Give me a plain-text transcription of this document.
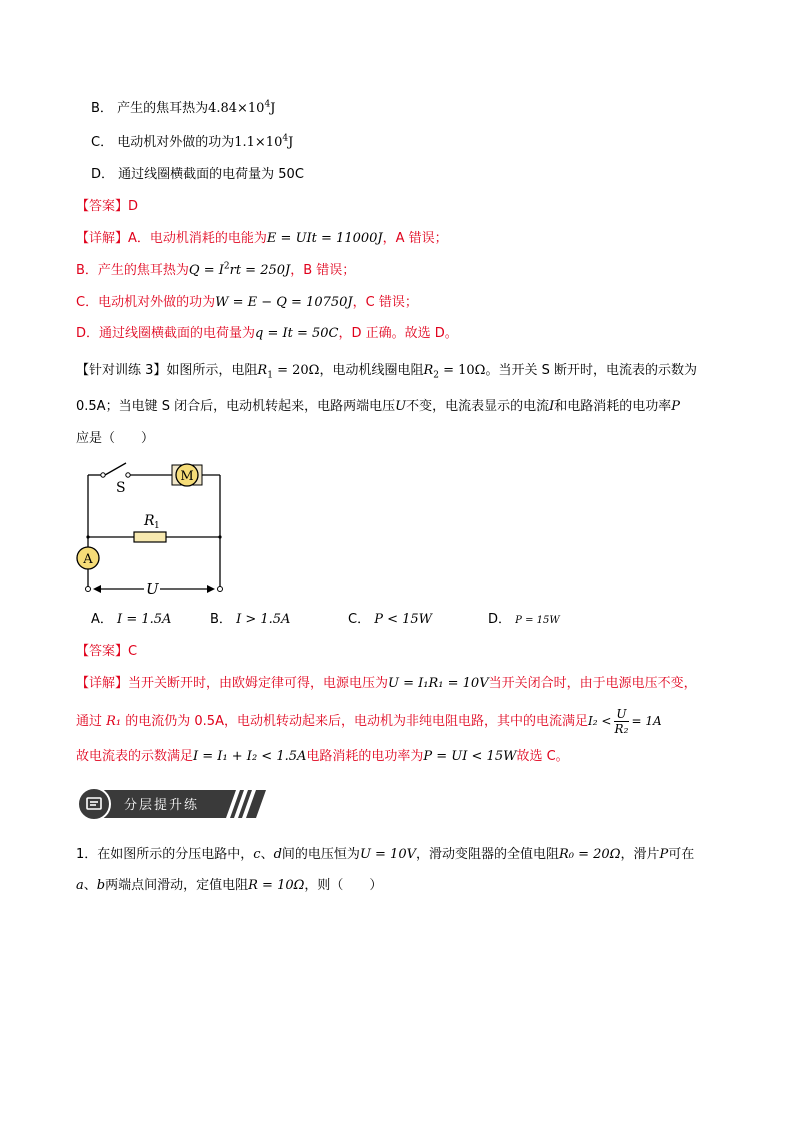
B． 产生的焦耳热为$4.84\times 10^4J$
C． 电动机对外做的功为$1.1\times 10^4J$
D． 通过线圈横截面的电荷量为 50C
【答案】D
【详解】A．电动机消耗的电能为E = UIt = 11000J，A 错误；
B．产生的焦耳热为$Q = I^2rt = 250J$，B 错误；
C．电动机对外做的功为W = E − Q = 10750J，C 错误；
D．通过线圈横截面的电荷量为q = It = 50C，D 正确。故选 D。
【针对训练 3】如图所示，电阻$R_1 = 20\Omega$，电动机线圈电阻$R_2 = 10\Omega$。当开关 S 断开时，电流表的示数为
0.5A；当电键 S 闭合后，电动机转起来，电路两端电压U不变，电流表显示的电流I和电路消耗的电功率P
应是（　　）
M
R 1
A
S
U
A． I = 1.5A	B． I > 1.5A	C． P < 15W	D． P = 15W
【答案】C
【详解】当开关断开时，由欧姆定律可得，电源电压为U = I₁R₁ = 10V当开关闭合时，由于电源电压不变，
通过 R₁ 的电流仍为 0.5A，电动机转动起来后，电动机为非纯电阻电路，其中的电流满足$I_2 < \frac{U}{\text{R₂}} = 1A$
故电流表的示数满足I = I₁ + I₂ < 1.5A电路消耗的电功率为P = UI < 15W故选 C。
分层提升练
1．在如图所示的分压电路中，c、d间的电压恒为U = 10V，滑动变阻器的全值电阻R₀ = 20Ω，滑片P可在
a、b两端点间滑动，定值电阻R = 10Ω，则（　　）
